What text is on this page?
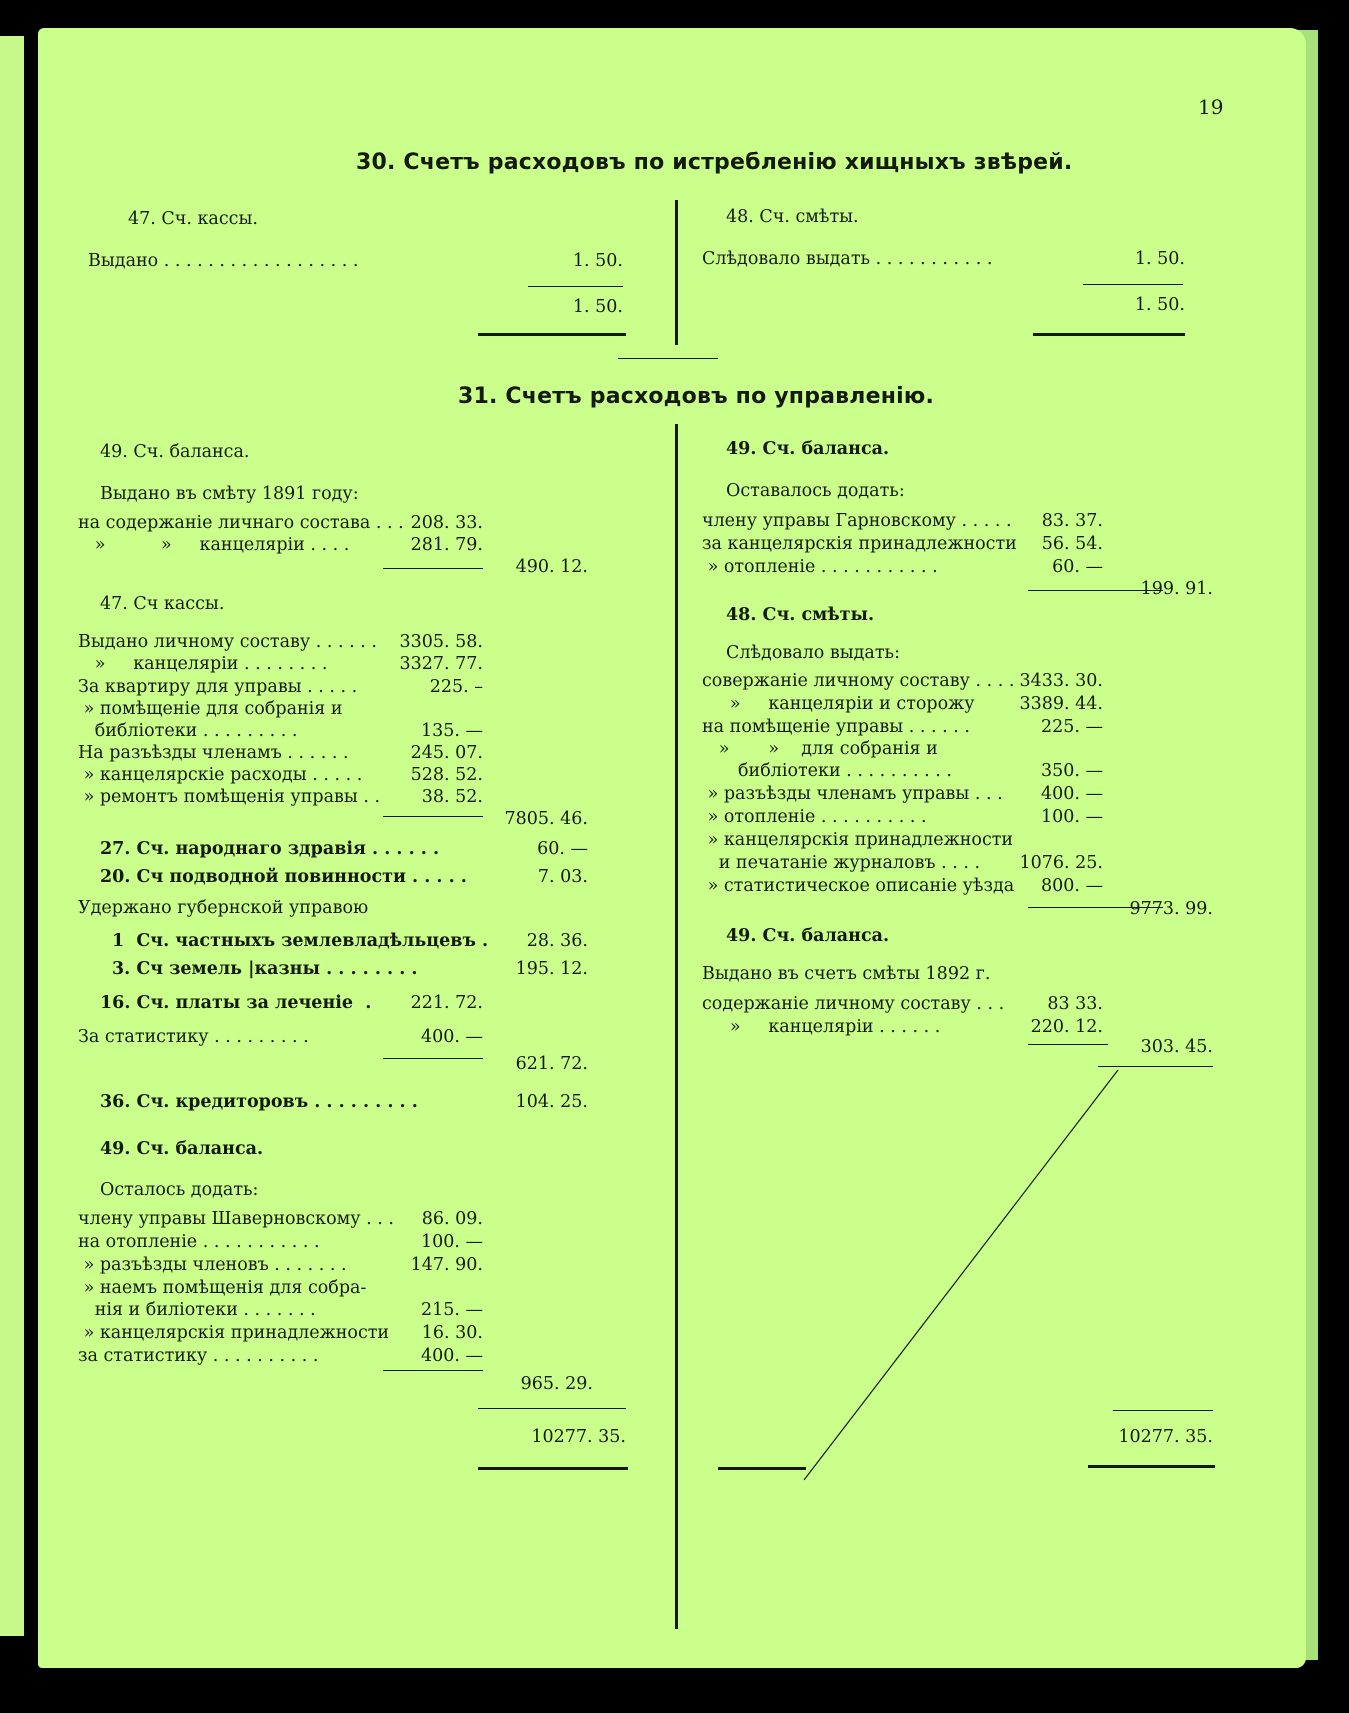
19
30. Счетъ расходовъ по истребленію хищныхъ звѣрей.
47. Сч. кассы.
Выдано . . . . . . . . . . . . . . . . . .	1. 50.
1. 50.
48. Сч. смѣты.
Слѣдовало выдать . . . . . . . . . . .	1. 50.
1. 50.
31. Счетъ расходовъ по управленію.
49. Сч. баланса.
Выдано въ смѣту 1891 году:
на содержаніе личнаго состава . . . 208. 33.
»          »     канцеляріи . . . .	281. 79.
490. 12.
47. Сч кассы.
Выдано личному составу . . . . . .	3305. 58.
»     канцеляріи . . . . . . . .	3327. 77.
За квартиру для управы . . . . .	225. –
» помѣщеніе для собранія и
библіотеки . . . . . . . . .	135. —
На разъѣзды членамъ . . . . . .	245. 07.
» канцелярскіе расходы . . . . .	528. 52.
» ремонтъ помѣщенія управы . .	38. 52.
7805. 46.
27. Сч. народнаго здравія . . . . . .	60. —
20. Сч подводной повинности . . . . .	7. 03.
Удержано губернской управою
1  Сч. частныхъ землевладѣльцевъ .	28. 36.
3. Сч земель |казны . . . . . . . .	195. 12.
16. Сч. платы за леченіе  .	221. 72.
За статистику . . . . . . . . .	400. —
621. 72.
36. Сч. кредиторовъ . . . . . . . . .	104. 25.
49. Сч. баланса.
Осталось додать:
члену управы Шаверновскому . . .	86. 09.
на отопленіе . . . . . . . . . . .	100. —
» разъѣзды членовъ . . . . . . .	147. 90.
» наемъ помѣщенія для собра-
нія и биліотеки . . . . . . .	215. —
» канцелярскія принадлежности	16. 30.
за статистику . . . . . . . . . .	400. —
965. 29.
10277. 35.
49. Сч. баланса.
Оставалось додать:
члену управы Гарновскому . . . . .	83. 37.
за канцелярскія принадлежности	56. 54.
» отопленіе . . . . . . . . . . .	60. —
199. 91.
48. Сч. смѣты.
Слѣдовало выдать:
совержаніе личному составу . . . . 3433. 30.
»     канцеляріи и сторожу	3389. 44.
на помѣщеніе управы . . . . . .	225. —
»       »    для собранія и
библіотеки . . . . . . . . . .	350. —
» разъѣзды членамъ управы . . .	400. —
» отопленіе . . . . . . . . . .	100. —
» канцелярскія принадлежности
и печатаніе журналовъ . . . .	1076. 25.
» статистическое описаніе уѣзда	800. —
9773. 99.
49. Сч. баланса.
Выдано въ счетъ смѣты 1892 г.
содержаніе личному составу . . .	83 33.
»     канцеляріи . . . . . .	220. 12.
303. 45.
10277. 35.
